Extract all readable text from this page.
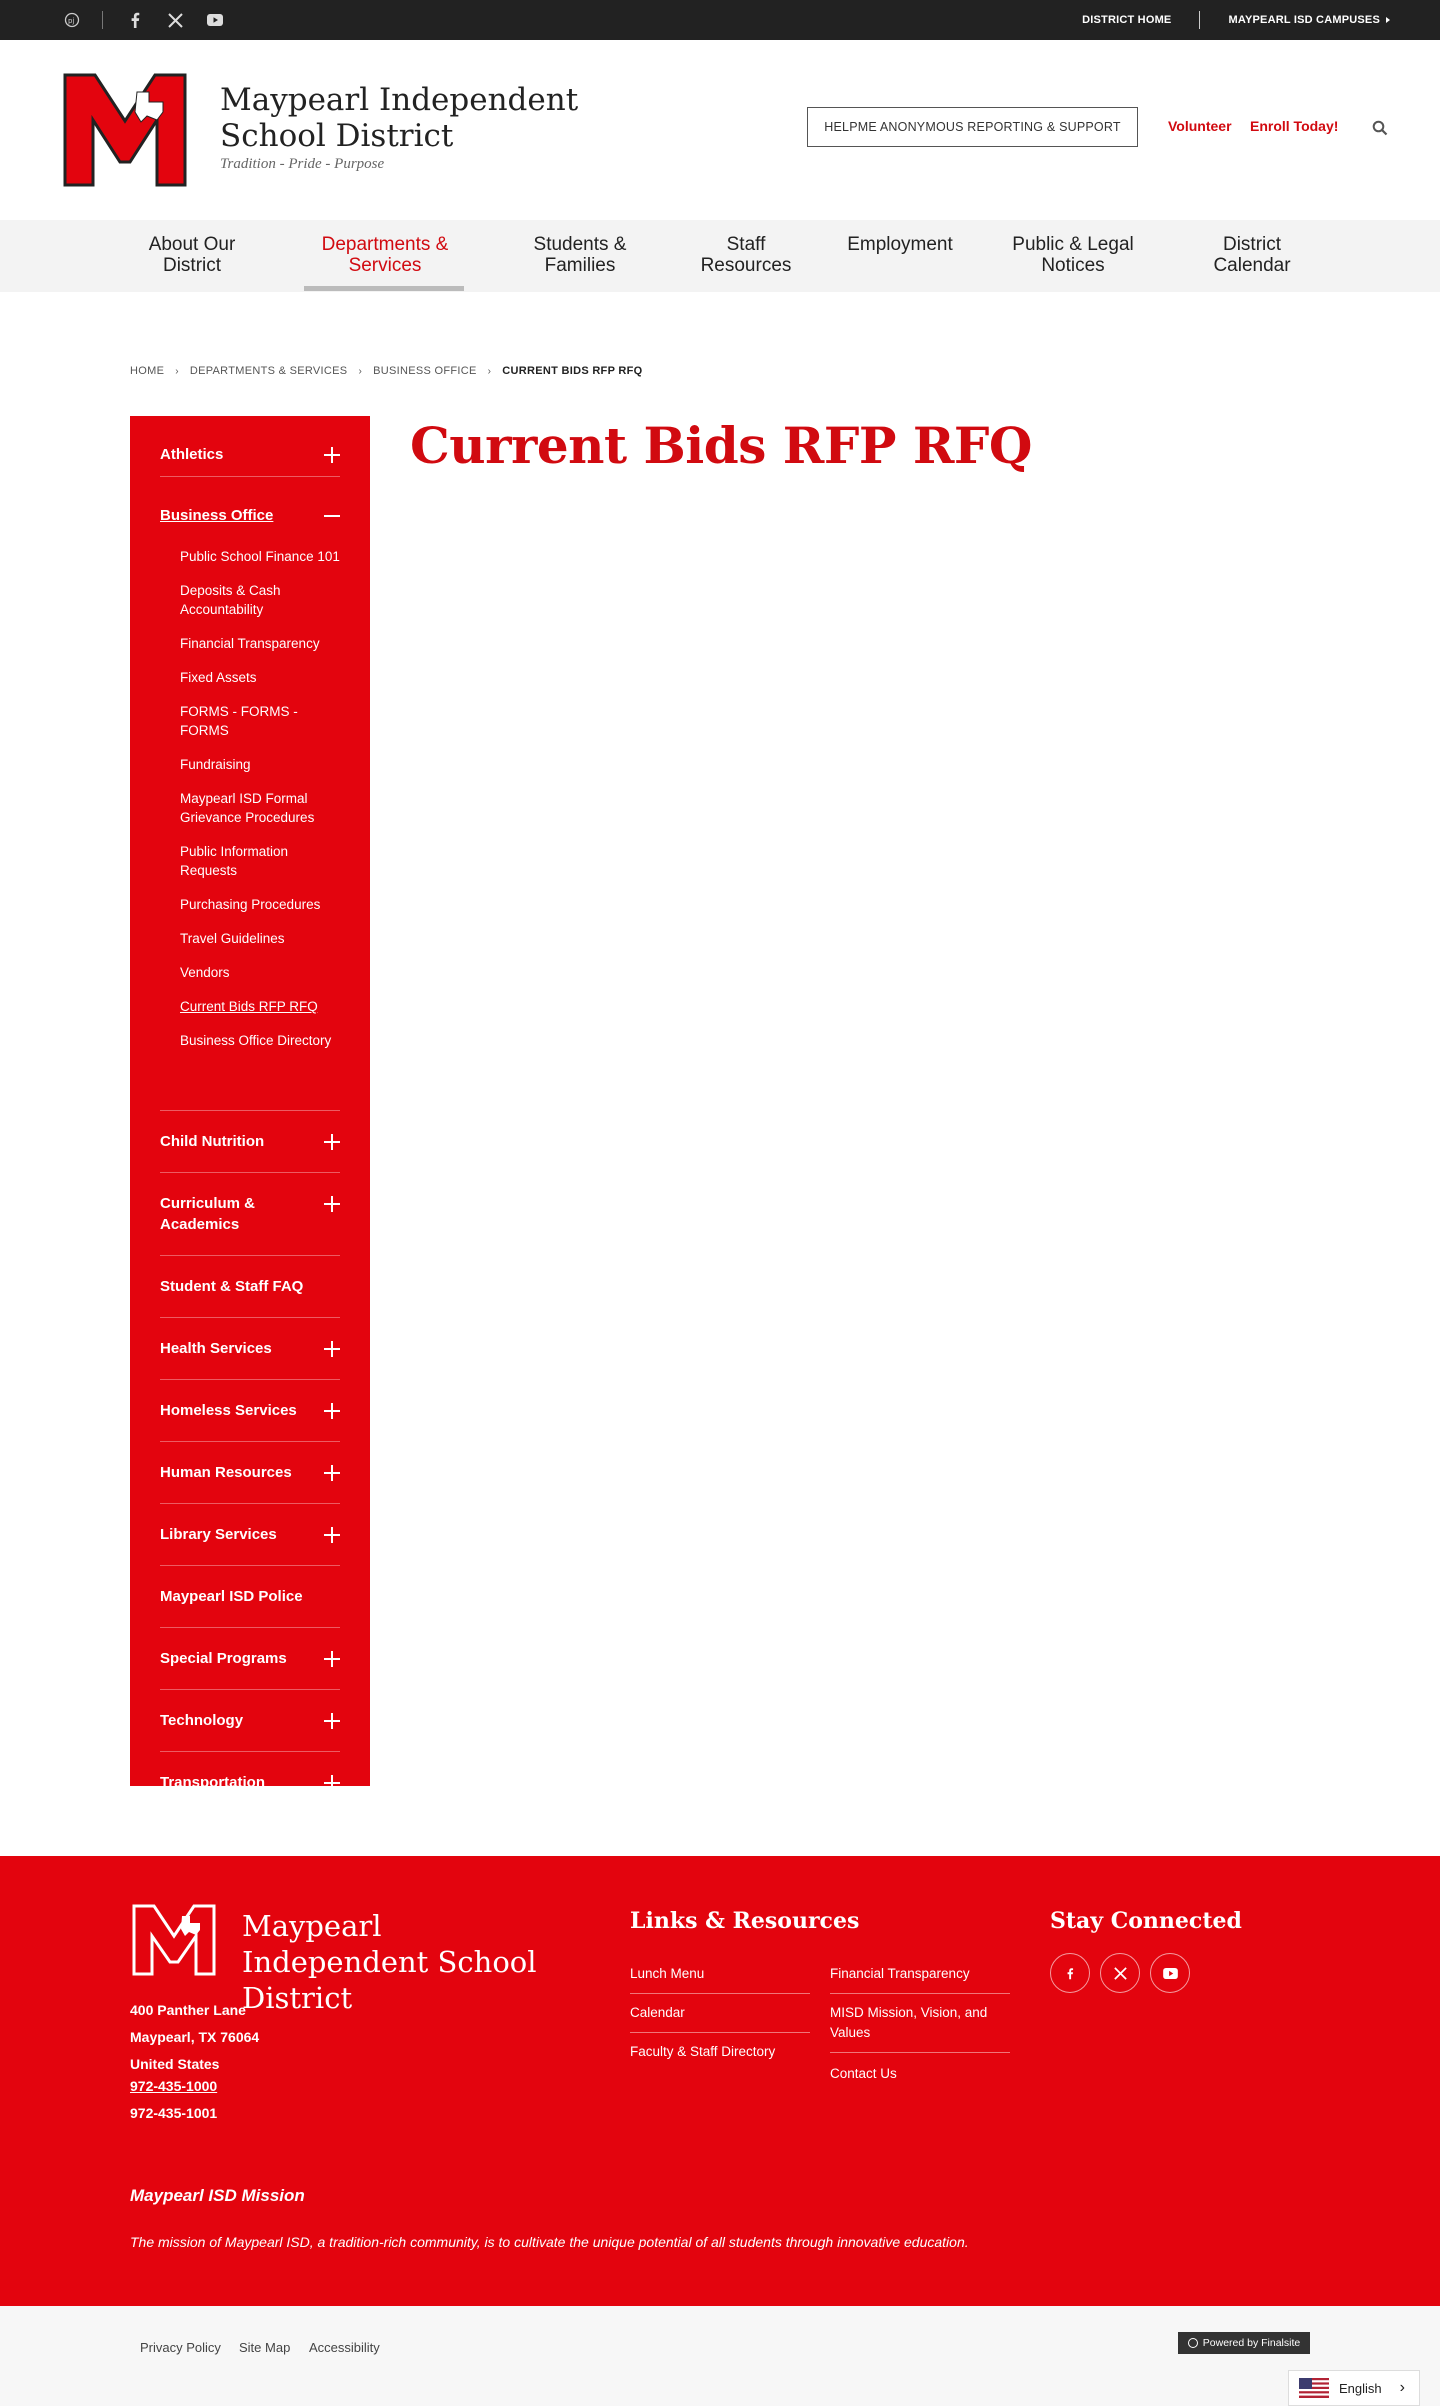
pj	DISTRICT HOME	MAYPEARL ISD CAMPUSES
Maypearl Independent School District
Tradition - Pride - Purpose
HELPME ANONYMOUS REPORTING & SUPPORT	Volunteer Enroll Today!
About Our District
Departments & Services
Students & Families
Staff Resources
Employment	Public & Legal Notices
District Calendar
HOME › DEPARTMENTS & SERVICES › BUSINESS OFFICE › CURRENT BIDS RFP RFQ
Athletics
Business Office
Public School Finance 101
Deposits & Cash Accountability
Financial Transparency
Fixed Assets
FORMS - FORMS - FORMS
Fundraising
Maypearl ISD Formal Grievance Procedures
Public Information Requests
Purchasing Procedures
Travel Guidelines
Vendors
Current Bids RFP RFQ
Business Office Directory
Child Nutrition
Curriculum & Academics
Student & Staff FAQ
Health Services
Homeless Services
Human Resources
Library Services
Maypearl ISD Police
Special Programs
Technology
Transportation
Current Bids RFP RFQ
Maypearl Independent School District
400 Panther Lane
Maypearl, TX 76064
United States
972-435-1000
972-435-1001
Links & Resources
Lunch Menu
Calendar
Faculty & Staff Directory
Financial Transparency
MISD Mission, Vision, and Values
Contact Us
Stay Connected
Maypearl ISD Mission
The mission of Maypearl ISD, a tradition-rich community, is to cultivate the unique potential of all students through innovative education.
Privacy Policy Site Map Accessibility	Powered by Finalsite
English ›
